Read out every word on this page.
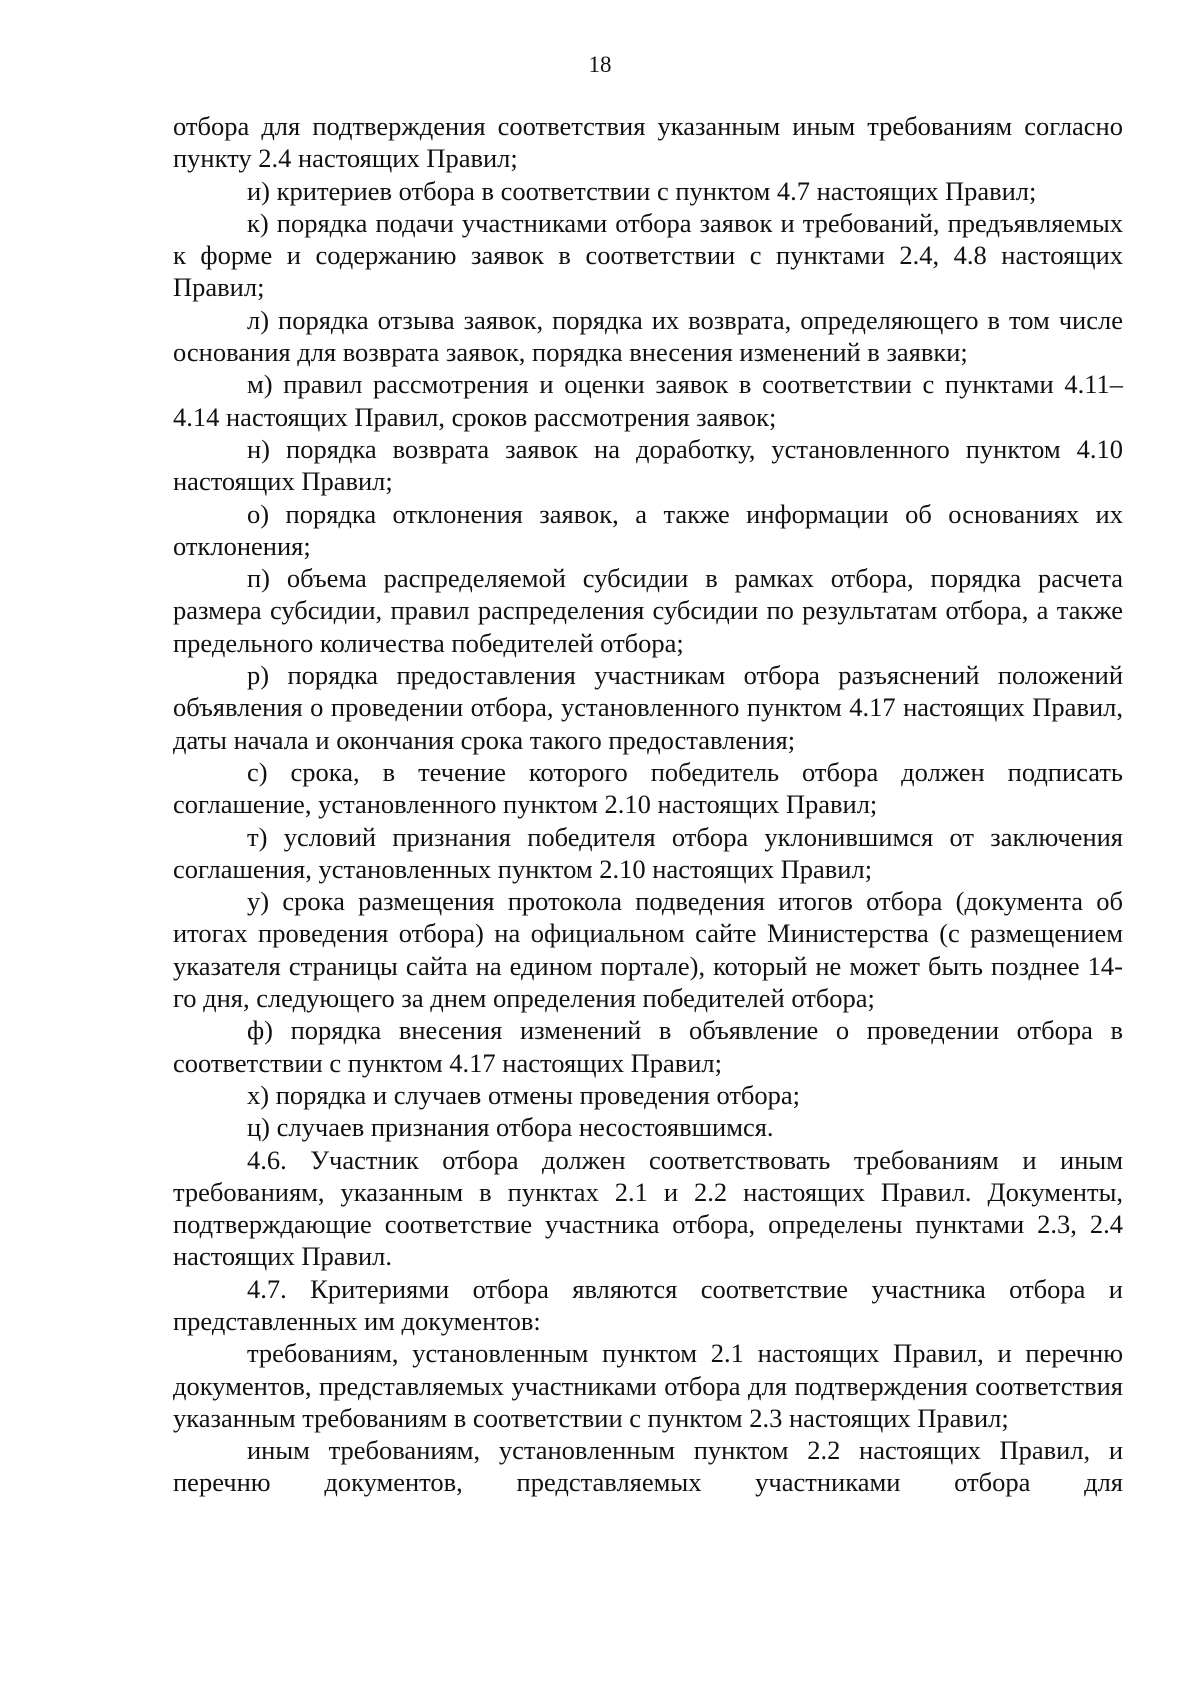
18

отбора для подтверждения соответствия указанным иным требованиям согласно пункту 2.4 настоящих Правил;

и) критериев отбора в соответствии с пунктом 4.7 настоящих Правил;

к) порядка подачи участниками отбора заявок и требований, предъявляемых к форме и содержанию заявок в соответствии с пунктами 2.4, 4.8 настоящих Правил;

л) порядка отзыва заявок, порядка их возврата, определяющего в том числе основания для возврата заявок, порядка внесения изменений в заявки;

м) правил рассмотрения и оценки заявок в соответствии с пунктами 4.11–4.14 настоящих Правил, сроков рассмотрения заявок;

н) порядка возврата заявок на доработку, установленного пунктом 4.10 настоящих Правил;

о) порядка отклонения заявок, а также информации об основаниях их отклонения;

п) объема распределяемой субсидии в рамках отбора, порядка расчета размера субсидии, правил распределения субсидии по результатам отбора, а также предельного количества победителей отбора;

р) порядка предоставления участникам отбора разъяснений положений объявления о проведении отбора, установленного пунктом 4.17 настоящих Правил, даты начала и окончания срока такого предоставления;

с) срока, в течение которого победитель отбора должен подписать соглашение, установленного пунктом 2.10 настоящих Правил;

т) условий признания победителя отбора уклонившимся от заключения соглашения, установленных пунктом 2.10 настоящих Правил;

у) срока размещения протокола подведения итогов отбора (документа об итогах проведения отбора) на официальном сайте Министерства (с размещением указателя страницы сайта на едином портале), который не может быть позднее 14-го дня, следующего за днем определения победителей отбора;

ф) порядка внесения изменений в объявление о проведении отбора в соответствии с пунктом 4.17 настоящих Правил;

х) порядка и случаев отмены проведения отбора;

ц) случаев признания отбора несостоявшимся.

4.6. Участник отбора должен соответствовать требованиям и иным требованиям, указанным в пунктах 2.1 и 2.2 настоящих Правил. Документы, подтверждающие соответствие участника отбора, определены пунктами 2.3, 2.4 настоящих Правил.

4.7. Критериями отбора являются соответствие участника отбора и представленных им документов:

требованиям, установленным пунктом 2.1 настоящих Правил, и перечню документов, представляемых участниками отбора для подтверждения соответствия указанным требованиям в соответствии с пунктом 2.3 настоящих Правил;

иным требованиям, установленным пунктом 2.2 настоящих Правил, и перечню документов, представляемых участниками отбора для
